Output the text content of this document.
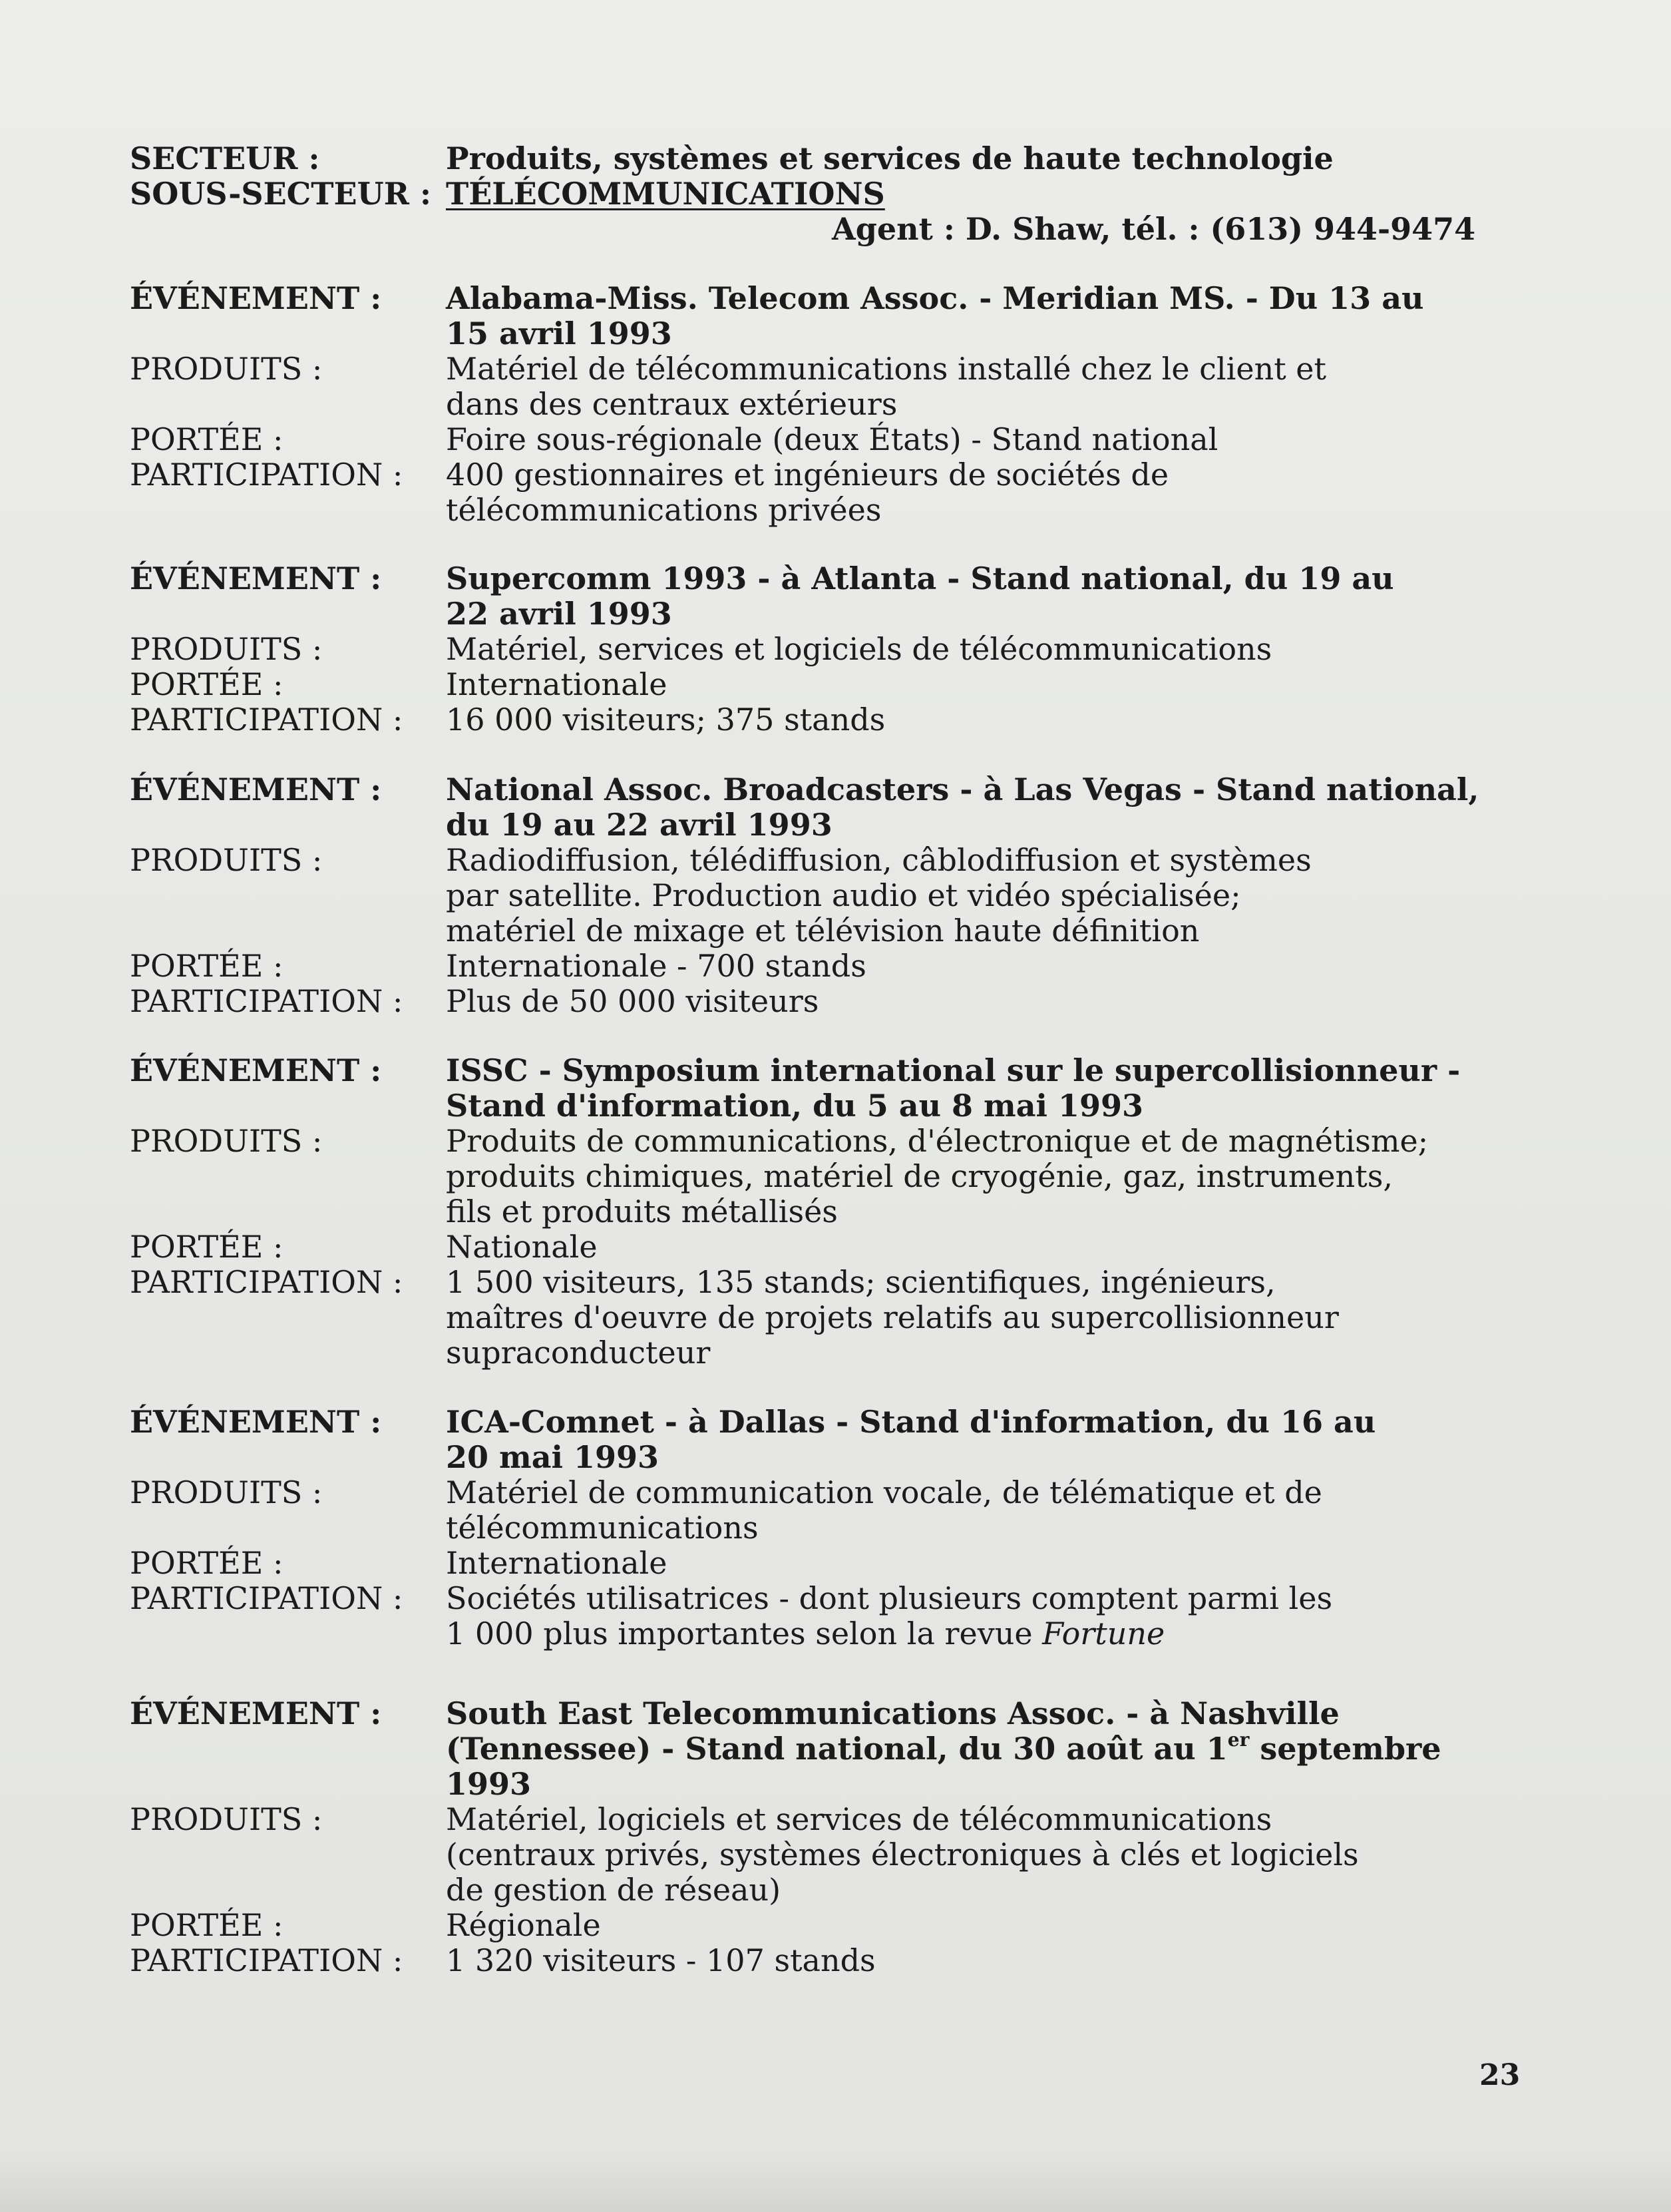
SECTEUR :	Produits, systèmes et services de haute technologie
SOUS-SECTEUR : TÉLÉCOMMUNICATIONS
Agent : D. Shaw, tél. : (613) 944-9474
ÉVÉNEMENT :	Alabama-Miss. Telecom Assoc. - Meridian MS. - Du 13 au
15 avril 1993
PRODUITS :	Matériel de télécommunications installé chez le client et
dans des centraux extérieurs
PORTÉE :	Foire sous-régionale (deux États) - Stand national
PARTICIPATION :	400 gestionnaires et ingénieurs de sociétés de
télécommunications privées
ÉVÉNEMENT :	Supercomm 1993 - à Atlanta - Stand national, du 19 au
22 avril 1993
PRODUITS :	Matériel, services et logiciels de télécommunications
PORTÉE :	Internationale
PARTICIPATION :	16 000 visiteurs; 375 stands
ÉVÉNEMENT :	National Assoc. Broadcasters - à Las Vegas - Stand national,
du 19 au 22 avril 1993
PRODUITS :	Radiodiffusion, télédiffusion, câblodiffusion et systèmes
par satellite. Production audio et vidéo spécialisée;
matériel de mixage et télévision haute définition
PORTÉE :	Internationale - 700 stands
PARTICIPATION :	Plus de 50 000 visiteurs
ÉVÉNEMENT :	ISSC - Symposium international sur le supercollisionneur -
Stand d'information, du 5 au 8 mai 1993
PRODUITS :	Produits de communications, d'électronique et de magnétisme;
produits chimiques, matériel de cryogénie, gaz, instruments,
fils et produits métallisés
PORTÉE :	Nationale
PARTICIPATION :	1 500 visiteurs, 135 stands; scientifiques, ingénieurs,
maîtres d'oeuvre de projets relatifs au supercollisionneur
supraconducteur
ÉVÉNEMENT :	ICA-Comnet - à Dallas - Stand d'information, du 16 au
20 mai 1993
PRODUITS :	Matériel de communication vocale, de télématique et de
télécommunications
PORTÉE :	Internationale
PARTICIPATION :	Sociétés utilisatrices - dont plusieurs comptent parmi les
1 000 plus importantes selon la revue Fortune
ÉVÉNEMENT :	South East Telecommunications Assoc. - à Nashville
(Tennessee) - Stand national, du 30 août au 1er septembre
1993
PRODUITS :	Matériel, logiciels et services de télécommunications
(centraux privés, systèmes électroniques à clés et logiciels
de gestion de réseau)
PORTÉE :	Régionale
PARTICIPATION :	1 320 visiteurs - 107 stands
23
